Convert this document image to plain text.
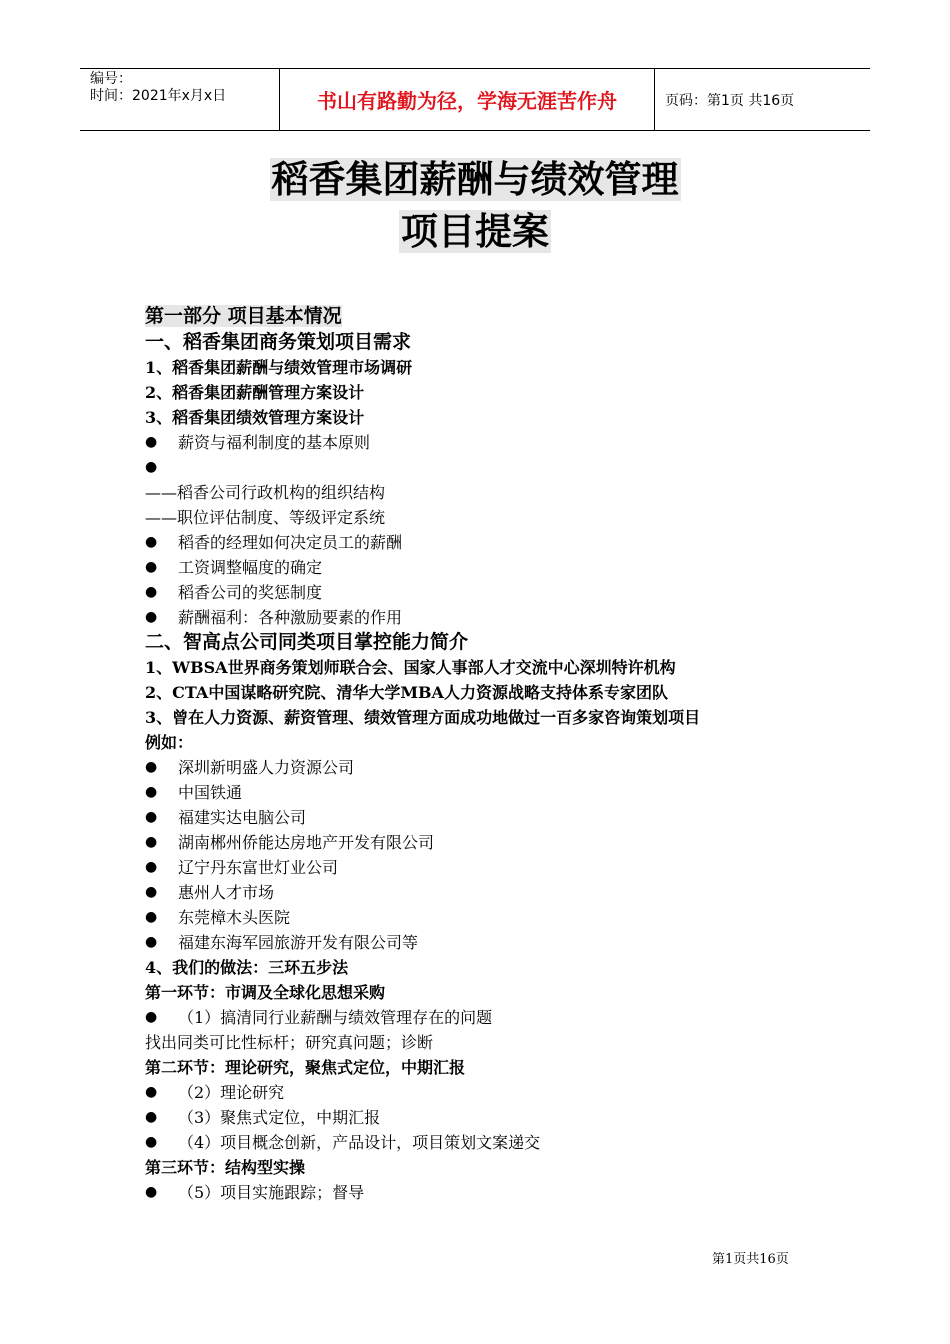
编号：
时间：2021年x月x日	书山有路勤为径，学海无涯苦作舟	页码：第1页 共16页
稻香集团薪酬与绩效管理
项目提案
第一部分 项目基本情况
一、稻香集团商务策划项目需求
1、稻香集团薪酬与绩效管理市场调研
2、稻香集团薪酬管理方案设计
3、稻香集团绩效管理方案设计
●	薪资与福利制度的基本原则
●
——稻香公司行政机构的组织结构
——职位评估制度、等级评定系统
●	稻香的经理如何决定员工的薪酬
●	工资调整幅度的确定
●	稻香公司的奖惩制度
●	薪酬福利：各种激励要素的作用
二、智高点公司同类项目掌控能力简介
1、WBSA世界商务策划师联合会、国家人事部人才交流中心深圳特许机构
2、CTA中国谋略研究院、清华大学MBA人力资源战略支持体系专家团队
3、曾在人力资源、薪资管理、绩效管理方面成功地做过一百多家咨询策划项目
例如：
●	深圳新明盛人力资源公司
●	中国铁通
●	福建实达电脑公司
●	湖南郴州侨能达房地产开发有限公司
●	辽宁丹东富世灯业公司
●	惠州人才市场
●	东莞樟木头医院
●	福建东海军园旅游开发有限公司等
4、我们的做法：三环五步法
第一环节：市调及全球化思想采购
●	（1）搞清同行业薪酬与绩效管理存在的问题
找出同类可比性标杆；研究真问题；诊断
第二环节：理论研究，聚焦式定位，中期汇报
●	（2）理论研究
●	（3）聚焦式定位，中期汇报
●	（4）项目概念创新，产品设计，项目策划文案递交
第三环节：结构型实操
●	（5）项目实施跟踪；督导
第1页共16页
